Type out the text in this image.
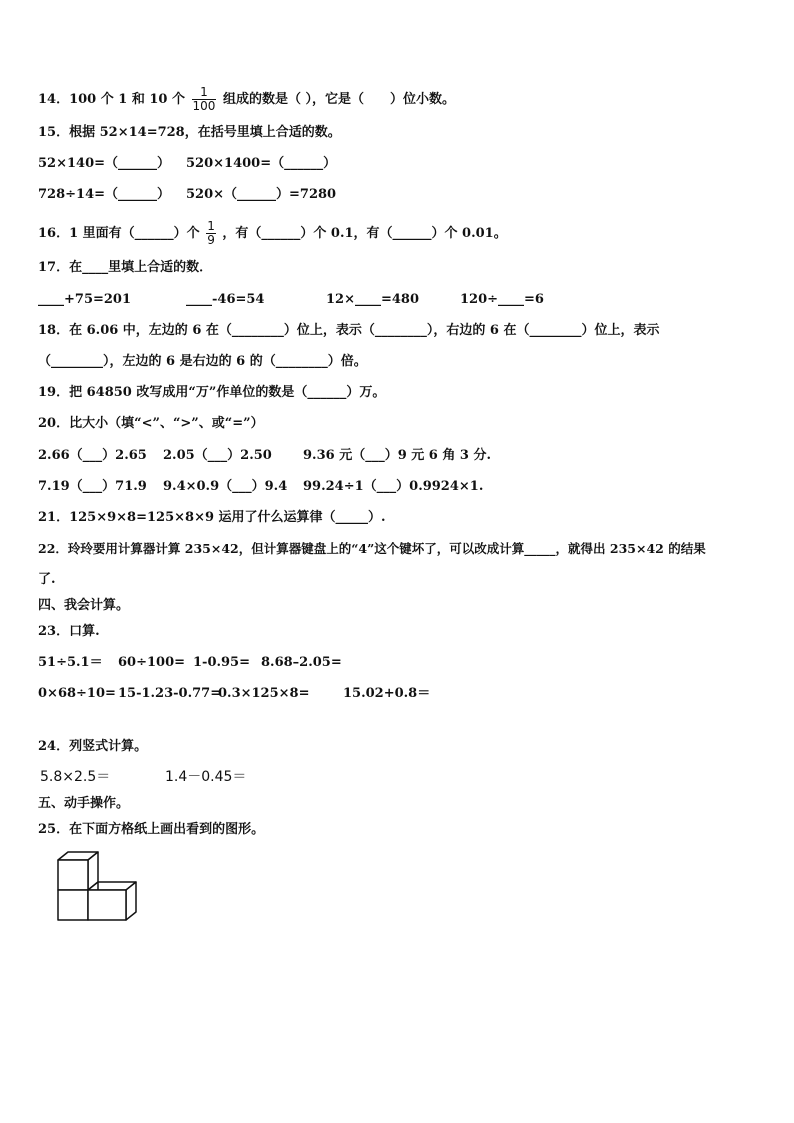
14．100 个 1 和 10 个 $\frac{1}{100}$ 组成的数是（ ），它是（　　）位小数。
15．根据 52×14=728，在括号里填上合适的数。
52×140=（______） 520×1400=（______）
728÷14=（______） 520×（______）=7280
16．1 里面有（______）个 $\frac{1}{9}$ ，有（______）个 0.1，有（______）个 0.01。
17．在____里填上合适的数．
____+75=201	____-46=54	12×____=480	120÷____=6
18．在 6.06 中，左边的 6 在（________）位上，表示（________），右边的 6 在（________）位上，表示
（________），左边的 6 是右边的 6 的（________）倍。
19．把 64850 改写成用“万”作单位的数是（______）万。
20．比大小（填“<”、“>”、或“=”）
2.66（___）2.65 2.05（___）2.50 9.36 元（___）9 元 6 角 3 分.
7.19（___）71.9 9.4×0.9（___）9.4 99.24÷1（___）0.9924×1.
21．125×9×8=125×8×9 运用了什么运算律（_____）.
22．玲玲要用计算器计算 235×42，但计算器键盘上的“4”这个键坏了，可以改成计算_____，就得出 235×42 的结果
了.
四、我会计算。
23．口算.
51÷5.1＝ 60÷100= 1-0.95= 8.68–2.05=
0×68÷10= 15-1.23-0.77=
0.3×125×8=	15.02+0.8＝
24．列竖式计算。
5.8×2.5＝	1.4－0.45＝
五、动手操作。
25．在下面方格纸上画出看到的图形。
